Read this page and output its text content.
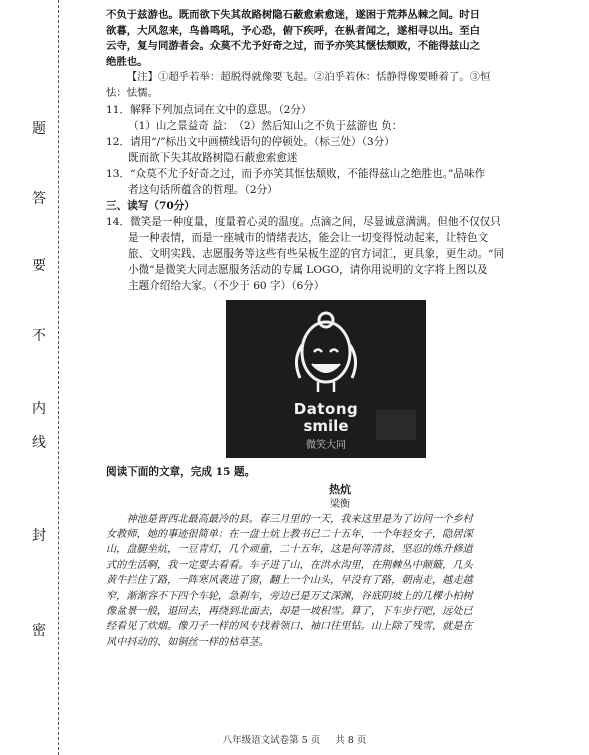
密
封
线
内
不
要
答
题

不负于兹游也。既而欲下失其故路树隐石蔽愈索愈迷，遂困于荒莽丛棘之间。时日

欲暮，大风忽来，鸟兽鸣吼，予心恐，俯下疾呼，在枞者闻之，遂相寻以出。至白

云寺，复与同游者会。众莫不尤予好奇之过，而予亦笑其惬怯颓败，不能得兹山之

绝胜也。

【注】①超乎若举：超脱得就像要飞起。②泊乎若休：恬静得像要睡着了。③恒

怯：怯懦。

11．解释下列加点词在文中的意思。（2分）

（1）山之景益奇 益：　（2）然后知山之不负于兹游也 负：

12．请用“/”标出文中画横线语句的停顿处。（标三处）（3分）

既而欲下失其故路树隐石蔽愈索愈迷

13．“众莫不尤予好奇之过，而予亦笑其恇怯颓败，不能得兹山之绝胜也。”品味作

者这句话所蕴含的哲理。（2分）

三、读写（70分）

14．微笑是一种度量，度量着心灵的温度。点滴之间，尽显诚意满满。但他不仅仅只

是一种表情，而是一座城市的情绪表达，能会让一切变得悦动起来，让特色文

旅、文明实践、志愿服务等这些有些呆板生涩的官方词汇，更具象，更生动。“同

小微”是微笑大同志愿服务活动的专属 LOGO，请你用说明的文字将上图以及

主题介绍给大家。（不少于 60 字）（6分）

Datong
smile
微笑大同

阅读下面的文章，完成 15 题。

热炕

梁衡

神池是晋西北最高最冷的县。春三月里的一天，我来这里是为了访问一个乡村

女教师，她的事迹很简单：在一盘土炕上教书已二十五年，一个年轻女子，隐居深

山，盘腿坐炕，一豆青灯，几个顽童，二十五年，这是何等清贫，坚忍的炼升修道

式的生活啊，我一定要去看看。车子进了山，在洪水沟里，在荆棘丛中颠簸，几头

黄牛拦住了路，一阵寒风袭进了窗，翻上一个山头，早没有了路，朝南走，越走越

窄，渐渐容不下四个车轮，急刹车，旁边已是万丈深渊，谷底阴坡上的几棵小柏树

像盆景一般，退回去，再绕到北面去，却是一坡积雪。算了，下车步行吧，远处已

经看见了炊烟。像刀子一样的风专找着领口、袖口往里钻。山上除了残雪，就是在

风中抖动的、如铜丝一样的枯草茎。

八年级语文试卷第 5 页 共 8 页
